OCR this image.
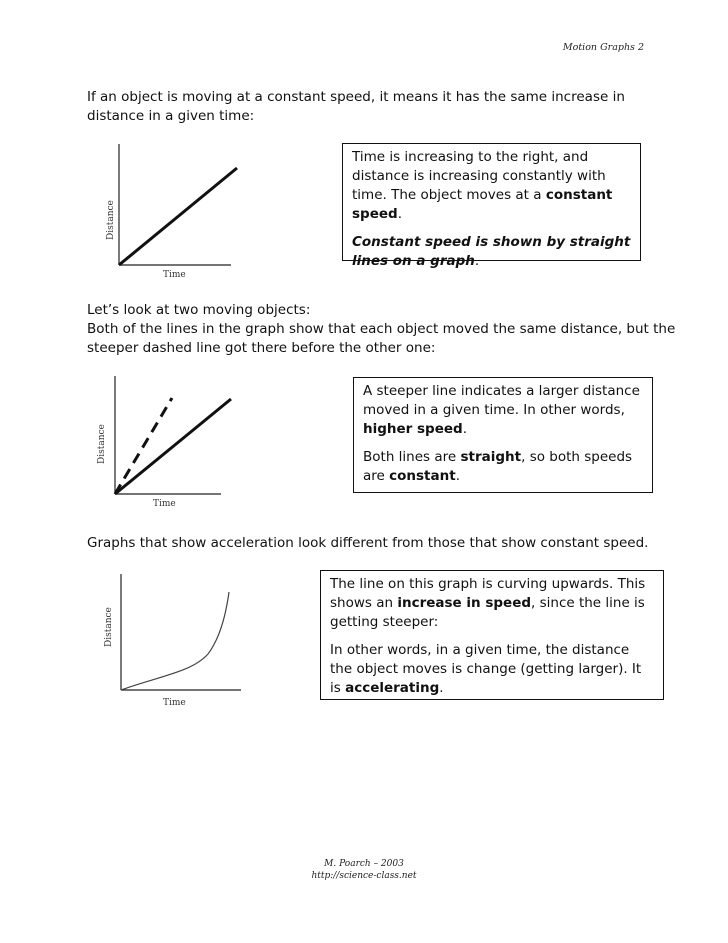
Motion Graphs 2
If an object is moving at a constant speed, it means it has the same increase in
distance in a given time:
Distance
Time

Time is increasing to the right, and distance is increasing constantly with time. The object moves at a constant speed.

Constant speed is shown by straight lines on a graph.

Let’s look at two moving objects:
Both of the lines in the graph show that each object moved the same distance, but the
steeper dashed line got there before the other one:
Distance
Time

A steeper line indicates a larger distance moved in a given time. In other words, higher speed.

Both lines are straight, so both speeds are constant.

Graphs that show acceleration look different from those that show constant speed.
Distance
Time

The line on this graph is curving upwards. This shows an increase in speed, since the line is getting steeper:

In other words, in a given time, the distance the object moves is change (getting larger). It is accelerating.

M. Poarch – 2003
http://science-class.net
